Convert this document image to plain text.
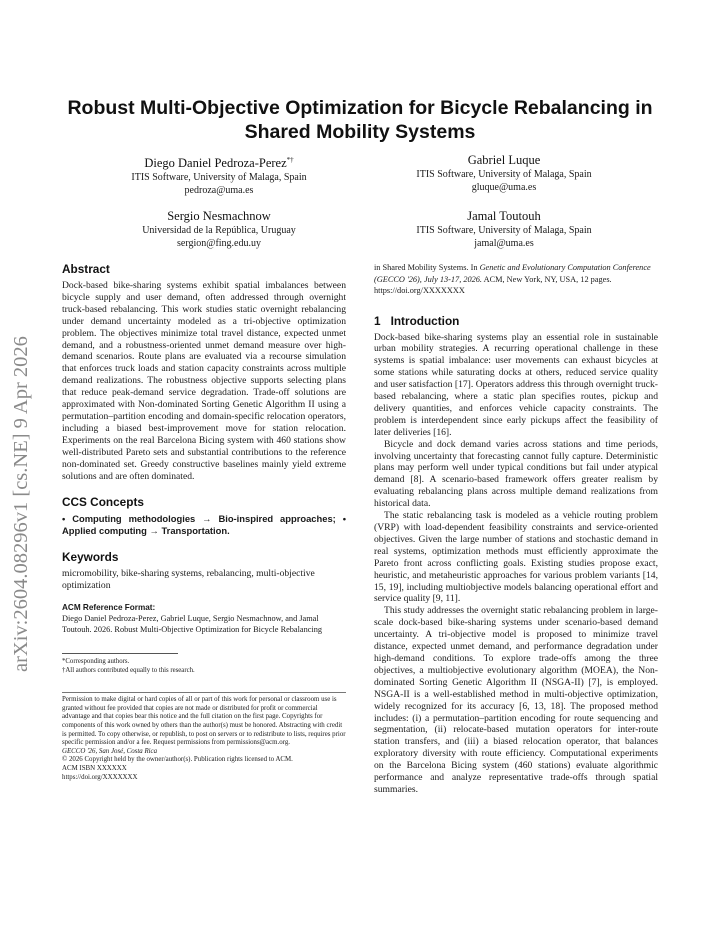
arXiv:2604.08296v1 [cs.NE] 9 Apr 2026
Robust Multi-Objective Optimization for Bicycle Rebalancing in Shared Mobility Systems
Diego Daniel Pedroza-Perez*†
ITIS Software, University of Malaga, Spain
pedroza@uma.es
Gabriel Luque
ITIS Software, University of Malaga, Spain
gluque@uma.es
Sergio Nesmachnow
Universidad de la República, Uruguay
sergion@fing.edu.uy
Jamal Toutouh
ITIS Software, University of Malaga, Spain
jamal@uma.es
Abstract

Dock-based bike-sharing systems exhibit spatial imbalances between bicycle supply and user demand, often addressed through overnight truck-based rebalancing. This work studies static overnight rebalancing under demand uncertainty modeled as a tri-objective optimization problem. The objectives minimize total travel distance, expected unmet demand, and a robustness-oriented unmet demand measure over high-demand scenarios. Route plans are evaluated via a recourse simulation that enforces truck loads and station capacity constraints across multiple demand realizations. The robustness objective supports selecting plans that reduce peak-demand service degradation. Trade-off solutions are approximated with Non-dominated Sorting Genetic Algorithm II using a permutation–partition encoding and domain-specific relocation operators, including a biased best-improvement move for station relocation. Experiments on the real Barcelona Bicing system with 460 stations show well-distributed Pareto sets and substantial contributions to the reference non-dominated set. Greedy constructive baselines mainly yield extreme solutions and are often dominated.

CCS Concepts

• Computing methodologies → Bio-inspired approaches; • Applied computing → Transportation.

Keywords

micromobility, bike-sharing systems, rebalancing, multi-objective optimization

ACM Reference Format:

Diego Daniel Pedroza-Perez, Gabriel Luque, Sergio Nesmachnow, and Jamal Toutouh. 2026. Robust Multi-Objective Optimization for Bicycle Rebalancing

*Corresponding authors.
†All authors contributed equally to this research.
Permission to make digital or hard copies of all or part of this work for personal or classroom use is granted without fee provided that copies are not made or distributed for profit or commercial advantage and that copies bear this notice and the full citation on the first page. Copyrights for components of this work owned by others than the author(s) must be honored. Abstracting with credit is permitted. To copy otherwise, or republish, to post on servers or to redistribute to lists, requires prior specific permission and/or a fee. Request permissions from permissions@acm.org.
GECCO '26, San José, Costa Rica
© 2026 Copyright held by the owner/author(s). Publication rights licensed to ACM.
ACM ISBN XXXXXX
https://doi.org/XXXXXXX

in Shared Mobility Systems. In Genetic and Evolutionary Computation Conference (GECCO '26), July 13-17, 2026. ACM, New York, NY, USA, 12 pages. https://doi.org/XXXXXXX

1 Introduction

Dock-based bike-sharing systems play an essential role in sustainable urban mobility strategies. A recurring operational challenge in these systems is spatial imbalance: user movements can exhaust bicycles at some stations while saturating docks at others, reduced service quality and user satisfaction [17]. Operators address this through overnight truck-based rebalancing, where a static plan specifies routes, pickup and delivery quantities, and enforces vehicle capacity constraints. The problem is interdependent since early pickups affect the feasibility of later deliveries [16].

Bicycle and dock demand varies across stations and time periods, involving uncertainty that forecasting cannot fully capture. Deterministic plans may perform well under typical conditions but fail under atypical demand [8]. A scenario-based framework offers greater realism by evaluating rebalancing plans across multiple demand realizations from historical data.

The static rebalancing task is modeled as a vehicle routing problem (VRP) with load-dependent feasibility constraints and service-oriented objectives. Given the large number of stations and stochastic demand in real systems, optimization methods must efficiently approximate the Pareto front across conflicting goals. Existing studies propose exact, heuristic, and metaheuristic approaches for various problem variants [14, 15, 19], including multiobjective models balancing operational effort and service quality [9, 11].

This study addresses the overnight static rebalancing problem in large-scale dock-based bike-sharing systems under scenario-based demand uncertainty. A tri-objective model is proposed to minimize travel distance, expected unmet demand, and performance degradation under high-demand conditions. To explore trade-offs among the three objectives, a multiobjective evolutionary algorithm (MOEA), the Non-dominated Sorting Genetic Algorithm II (NSGA-II) [7], is employed. NSGA-II is a well-established method in multi-objective optimization, widely recognized for its accuracy [6, 13, 18]. The proposed method includes: (i) a permutation–partition encoding for route sequencing and segmentation, (ii) relocate-based mutation operators for inter-route station transfers, and (iii) a biased relocation operator, that balances exploratory diversity with route efficiency. Computational experiments on the Barcelona Bicing system (460 stations) evaluate algorithmic performance and analyze representative trade-offs through spatial summaries.
